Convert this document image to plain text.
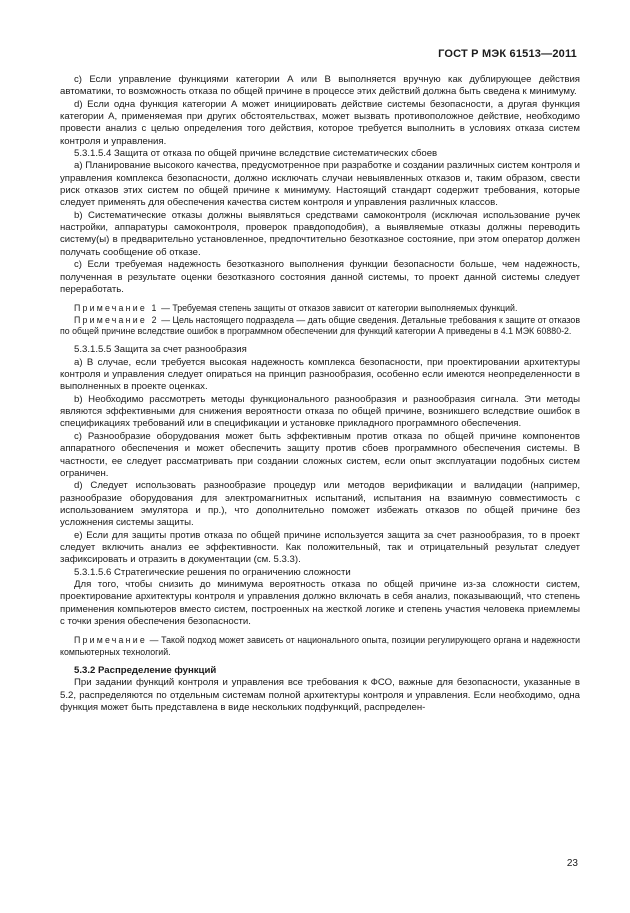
ГОСТ Р МЭК 61513—2011

c) Если управление функциями категории А или В выполняется вручную как дублирующее действия автоматики, то возможность отказа по общей причине в процессе этих действий должна быть сведена к минимуму.

d) Если одна функция категории А может инициировать действие системы безопасности, а другая функция категории А, применяемая при других обстоятельствах, может вызвать противоположное действие, необходимо провести анализ с целью определения того действия, которое требуется выполнить в условиях отказа систем контроля и управления.

5.3.1.5.4 Защита от отказа по общей причине вследствие систематических сбоев

a) Планирование высокого качества, предусмотренное при разработке и создании различных систем контроля и управления комплекса безопасности, должно исключать случаи невыявленных отказов и, таким образом, свести риск отказов этих систем по общей причине к минимуму. Настоящий стандарт содержит требования, которые следует применять для обеспечения качества систем контроля и управления различных классов.

b) Систематические отказы должны выявляться средствами самоконтроля (исключая использование ручек настройки, аппаратуры самоконтроля, проверок правдоподобия), а выявляемые отказы должны переводить систему(ы) в предварительно установленное, предпочтительно безотказное состояние, при этом оператор должен получать сообщение об отказе.

c) Если требуемая надежность безотказного выполнения функции безопасности больше, чем надежность, полученная в результате оценки безотказного состояния данной системы, то проект данной системы следует переработать.

Примечание 1 — Требуемая степень защиты от отказов зависит от категории выполняемых функций.

Примечание 2 — Цель настоящего подраздела — дать общие сведения. Детальные требования к защите от отказов по общей причине вследствие ошибок в программном обеспечении для функций категории А приведены в 4.1 МЭК 60880-2.

5.3.1.5.5 Защита за счет разнообразия

a) В случае, если требуется высокая надежность комплекса безопасности, при проектировании архитектуры контроля и управления следует опираться на принцип разнообразия, особенно если имеются неопределенности в выполненных в проекте оценках.

b) Необходимо рассмотреть методы функционального разнообразия и разнообразия сигнала. Эти методы являются эффективными для снижения вероятности отказа по общей причине, возникшего вследствие ошибок в спецификациях требований или в спецификации и установке прикладного программного обеспечения.

c) Разнообразие оборудования может быть эффективным против отказа по общей причине компонентов аппаратного обеспечения и может обеспечить защиту против сбоев программного обеспечения системы. В частности, ее следует рассматривать при создании сложных систем, если опыт эксплуатации подобных систем ограничен.

d) Следует использовать разнообразие процедур или методов верификации и валидации (например, разнообразие оборудования для электромагнитных испытаний, испытания на взаимную совместимость с использованием эмулятора и пр.), что дополнительно поможет избежать отказов по общей причине без усложнения системы защиты.

e) Если для защиты против отказа по общей причине используется защита за счет разнообразия, то в проект следует включить анализ ее эффективности. Как положительный, так и отрицательный результат следует зафиксировать и отразить в документации (см. 5.3.3).

5.3.1.5.6 Стратегические решения по ограничению сложности

Для того, чтобы снизить до минимума вероятность отказа по общей причине из-за сложности систем, проектирование архитектуры контроля и управления должно включать в себя анализ, показывающий, что степень применения компьютеров вместо систем, построенных на жесткой логике и степень участия человека приемлемы с точки зрения обеспечения безопасности.

Примечание — Такой подход может зависеть от национального опыта, позиции регулирующего органа и надежности компьютерных технологий.

5.3.2 Распределение функций

При задании функций контроля и управления все требования к ФСО, важные для безопасности, указанные в 5.2, распределяются по отдельным системам полной архитектуры контроля и управления. Если необходимо, одна функция может быть представлена в виде нескольких подфункций, распределен-

23
